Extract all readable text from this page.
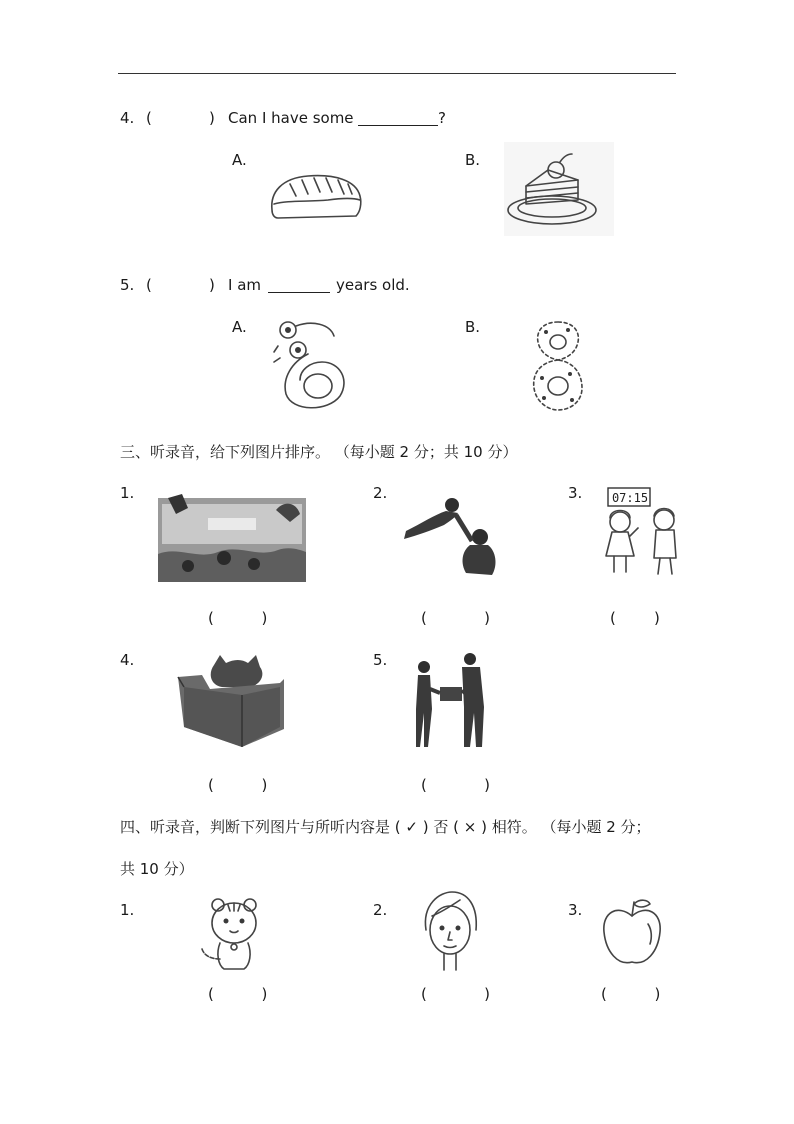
4. (	) Can I have some	?
A.	B.
5. (	) I am	years old.
A.	B.
三、听录音，给下列图片排序。 （每小题 2 分；共 10 分）
1.
(          )
2.
(            )
3. 07:15
(        )
4.
(          )
5.
(            )
四、听录音，判断下列图片与所听内容是 ( ✓ ) 否 ( × ) 相符。 （每小题 2 分；
共 10 分）
1.
(          )
2.
(            )
3.
(          )
